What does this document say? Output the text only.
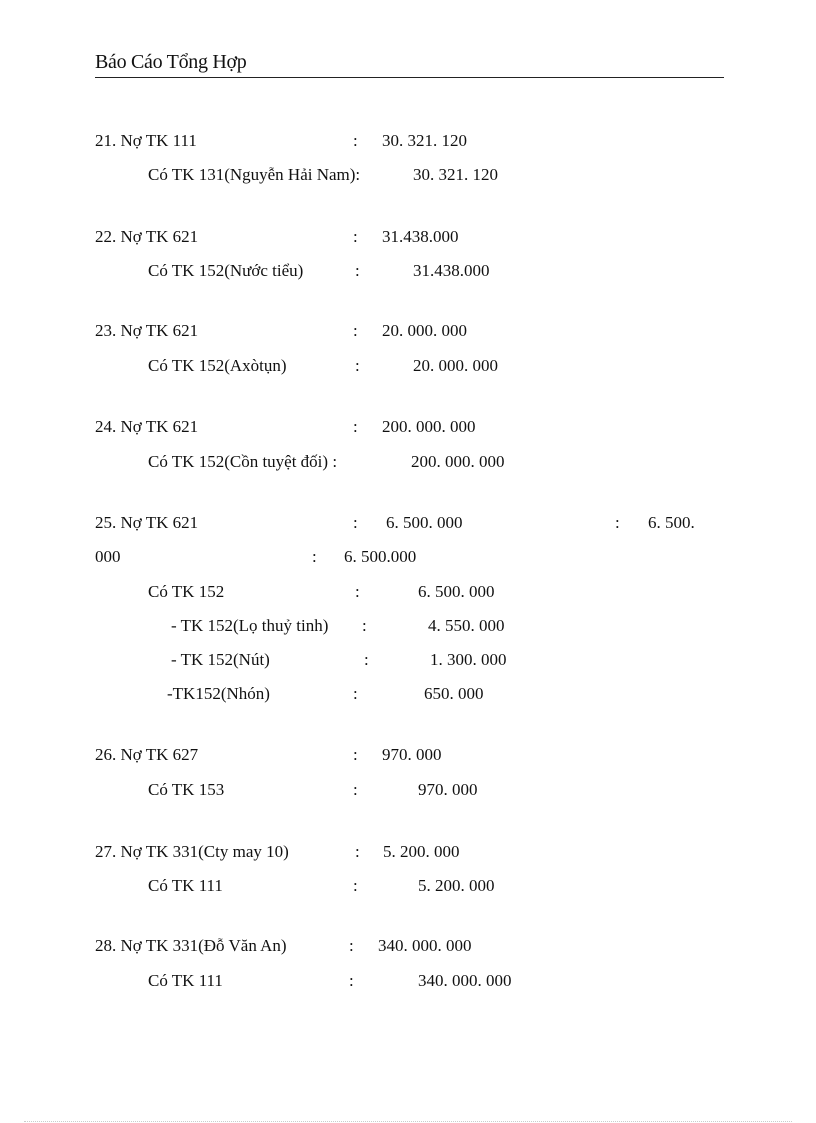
Báo Cáo Tổng Hợp
21. Nợ TK 111	: 30. 321. 120
Có TK 131(Nguyễn Hải Nam):	30. 321. 120
22. Nợ TK 621	: 31.438.000
Có TK 152(Nước tiểu)	:	31.438.000
23. Nợ TK 621	: 20. 000. 000
Có TK 152(Axòtụn)	:	20. 000. 000
24. Nợ TK 621	: 200. 000. 000
Có TK 152(Cồn tuyệt đối) :	200. 000. 000
25. Nợ TK 621	: 6. 500. 000	: 6. 500.
000	: 6. 500.000
Có TK 152	:	6. 500. 000
- TK 152(Lọ thuỷ tinh) :	4. 550. 000
- TK 152(Nút)	:	1. 300. 000
-TK152(Nhón)	:	650. 000
26. Nợ TK 627	: 970. 000
Có TK 153	:	970. 000
27. Nợ TK 331(Cty may 10)	: 5. 200. 000
Có TK 111	:	5. 200. 000
28. Nợ TK 331(Đỗ Văn An)	: 340. 000. 000
Có TK 111	:	340. 000. 000
